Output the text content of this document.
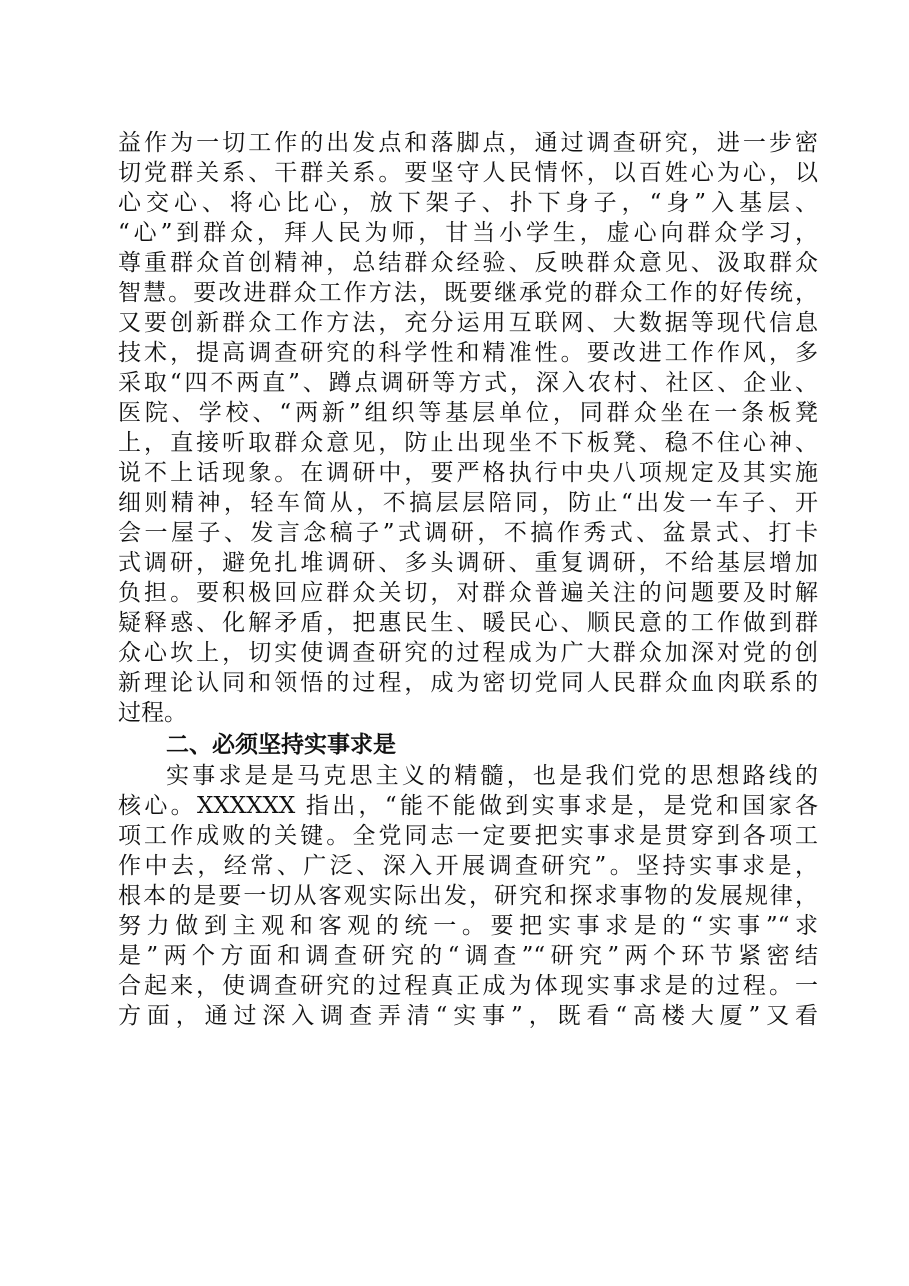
益作为一切工作的出发点和落脚点，通过调查研究，进一步密
切党群关系、干群关系。要坚守人民情怀，以百姓心为心，以
心交心、将心比心，放下架子、扑下身子，“身”入基层、
“心”到群众，拜人民为师，甘当小学生，虚心向群众学习，
尊重群众首创精神，总结群众经验、反映群众意见、汲取群众
智慧。要改进群众工作方法，既要继承党的群众工作的好传统，
又要创新群众工作方法，充分运用互联网、大数据等现代信息
技术，提高调查研究的科学性和精准性。要改进工作作风，多
采取“四不两直”、蹲点调研等方式，深入农村、社区、企业、
医院、学校、“两新”组织等基层单位，同群众坐在一条板凳
上，直接听取群众意见，防止出现坐不下板凳、稳不住心神、
说不上话现象。在调研中，要严格执行中央八项规定及其实施
细则精神，轻车简从，不搞层层陪同，防止“出发一车子、开
会一屋子、发言念稿子”式调研，不搞作秀式、盆景式、打卡
式调研，避免扎堆调研、多头调研、重复调研，不给基层增加
负担。要积极回应群众关切，对群众普遍关注的问题要及时解
疑释惑、化解矛盾，把惠民生、暖民心、顺民意的工作做到群
众心坎上，切实使调查研究的过程成为广大群众加深对党的创
新理论认同和领悟的过程，成为密切党同人民群众血肉联系的
过程。
二、必须坚持实事求是
实事求是是马克思主义的精髓，也是我们党的思想路线的
核心。XXXXXX 指出，“能不能做到实事求是，是党和国家各
项工作成败的关键。全党同志一定要把实事求是贯穿到各项工
作中去，经常、广泛、深入开展调查研究”。坚持实事求是，
根本的是要一切从客观实际出发，研究和探求事物的发展规律，
努力做到主观和客观的统一。要把实事求是的“实事”“求
是”两个方面和调查研究的“调查”“研究”两个环节紧密结
合起来，使调查研究的过程真正成为体现实事求是的过程。一
方面，通过深入调查弄清“实事”，既看“高楼大厦”又看
